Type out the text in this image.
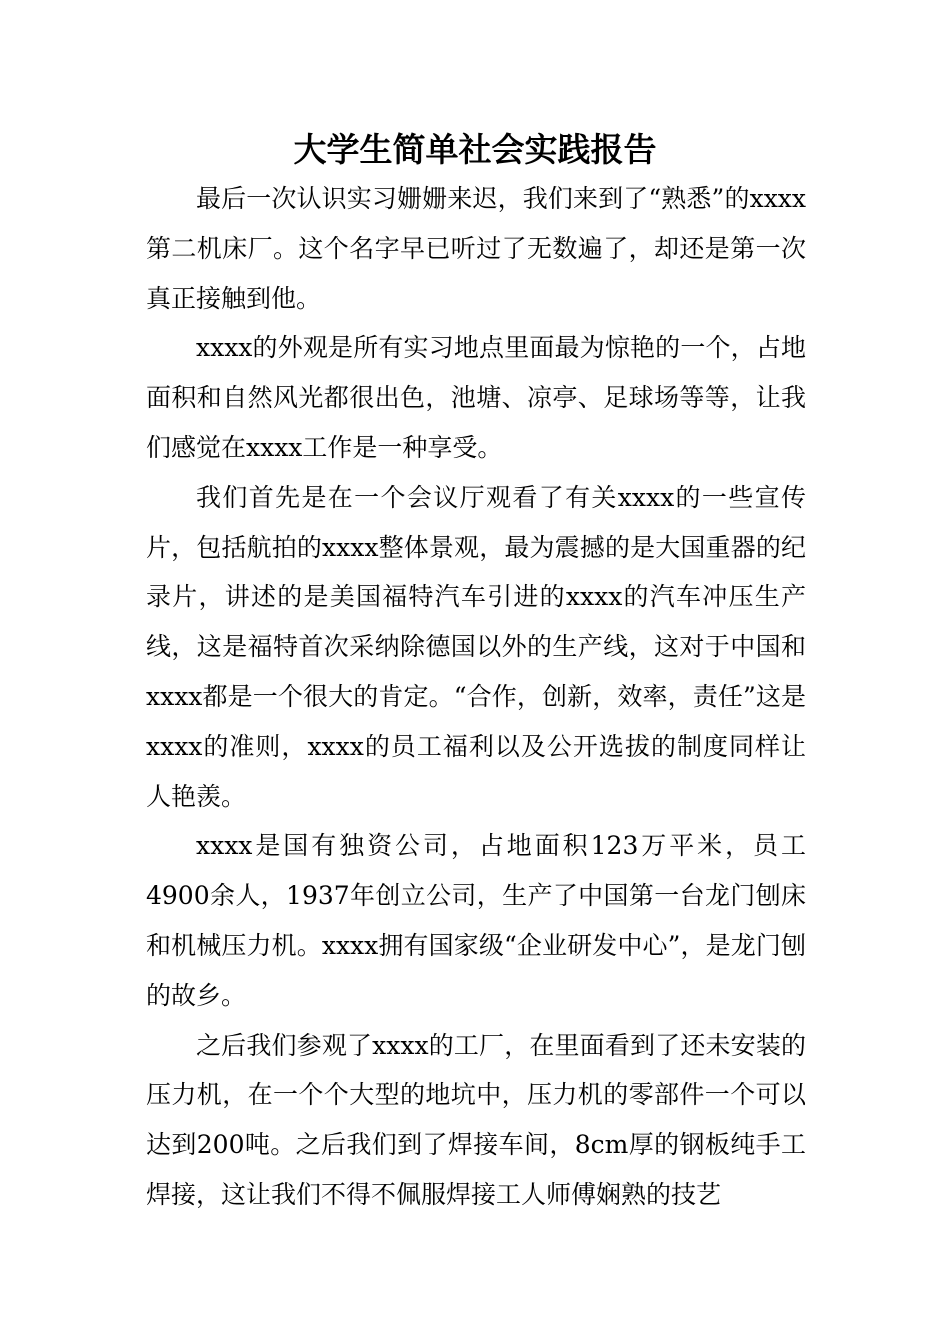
大学生简单社会实践报告

最后一次认识实习姗姗来迟，我们来到了“熟悉”的xxxx第二机床厂。这个名字早已听过了无数遍了，却还是第一次真正接触到他。

xxxx的外观是所有实习地点里面最为惊艳的一个，占地面积和自然风光都很出色，池塘、凉亭、足球场等等，让我们感觉在xxxx工作是一种享受。

我们首先是在一个会议厅观看了有关xxxx的一些宣传片，包括航拍的xxxx整体景观，最为震撼的是大国重器的纪录片，讲述的是美国福特汽车引进的xxxx的汽车冲压生产线，这是福特首次采纳除德国以外的生产线，这对于中国和xxxx都是一个很大的肯定。“合作，创新，效率，责任”这是xxxx的准则，xxxx的员工福利以及公开选拔的制度同样让人艳羡。

xxxx是国有独资公司，占地面积123万平米，员工4900余人，1937年创立公司，生产了中国第一台龙门刨床和机械压力机。xxxx拥有国家级“企业研发中心”，是龙门刨的故乡。

之后我们参观了xxxx的工厂，在里面看到了还未安装的压力机，在一个个大型的地坑中，压力机的零部件一个可以达到200吨。之后我们到了焊接车间，8cm厚的钢板纯手工焊接，这让我们不得不佩服焊接工人师傅娴熟的技艺
